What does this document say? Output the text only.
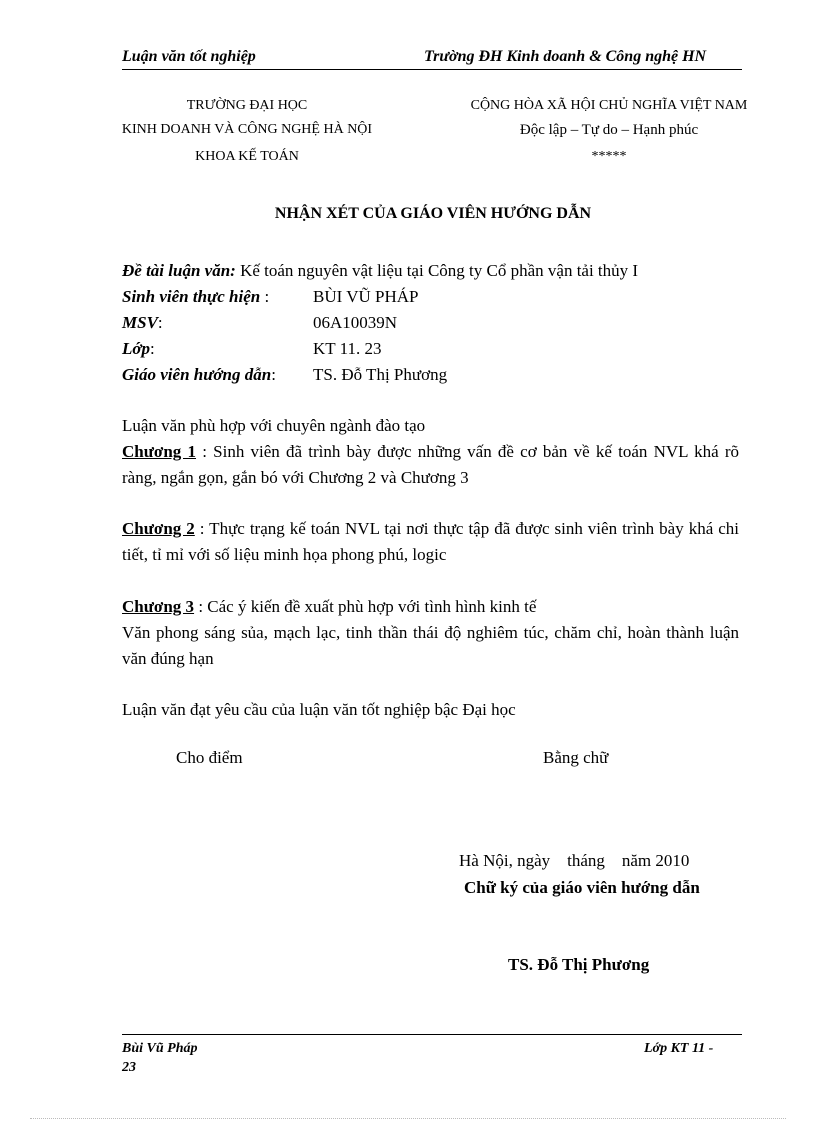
Luận văn tốt nghiệp	Trường ĐH Kinh doanh & Công nghệ HN
TRƯỜNG ĐẠI HỌC
KINH DOANH VÀ CÔNG NGHỆ HÀ NỘI
KHOA KẾ TOÁN
CỘNG HÒA XÃ HỘI CHỦ NGHĨA VIỆT NAM
Độc lập – Tự do – Hạnh phúc
*****
NHẬN XÉT CỦA GIÁO VIÊN HƯỚNG DẪN
Đề tài luận văn: Kế toán nguyên vật liệu tại Công ty Cổ phần vận tải thủy I
Sinh viên thực hiện :	BÙI VŨ PHÁP
MSV:	06A10039N
Lớp:	KT 11. 23
Giáo viên hướng dẫn: TS. Đỗ Thị Phương
Luận văn phù hợp với chuyên ngành đào tạo
Chương 1 : Sinh viên đã trình bày được những vấn đề cơ bản về kế toán NVL khá rõ ràng, ngắn gọn, gắn bó với Chương 2 và Chương 3
Chương 2 : Thực trạng kế toán NVL tại nơi thực tập đã được sinh viên trình bày khá chi tiết, tỉ mỉ với số liệu minh họa phong phú, logic
Chương 3 : Các ý kiến đề xuất phù hợp với tình hình kinh tế
Văn phong sáng sủa, mạch lạc, tinh thần thái độ nghiêm túc, chăm chỉ, hoàn thành luận văn đúng hạn
Luận văn đạt yêu cầu của luận văn tốt nghiệp bậc Đại học
Cho điểm	Bằng chữ
Hà Nội, ngày    tháng    năm 2010
Chữ ký của giáo viên hướng dẫn
TS. Đỗ Thị Phương
Bùi Vũ Pháp
23
Lớp KT 11 -
